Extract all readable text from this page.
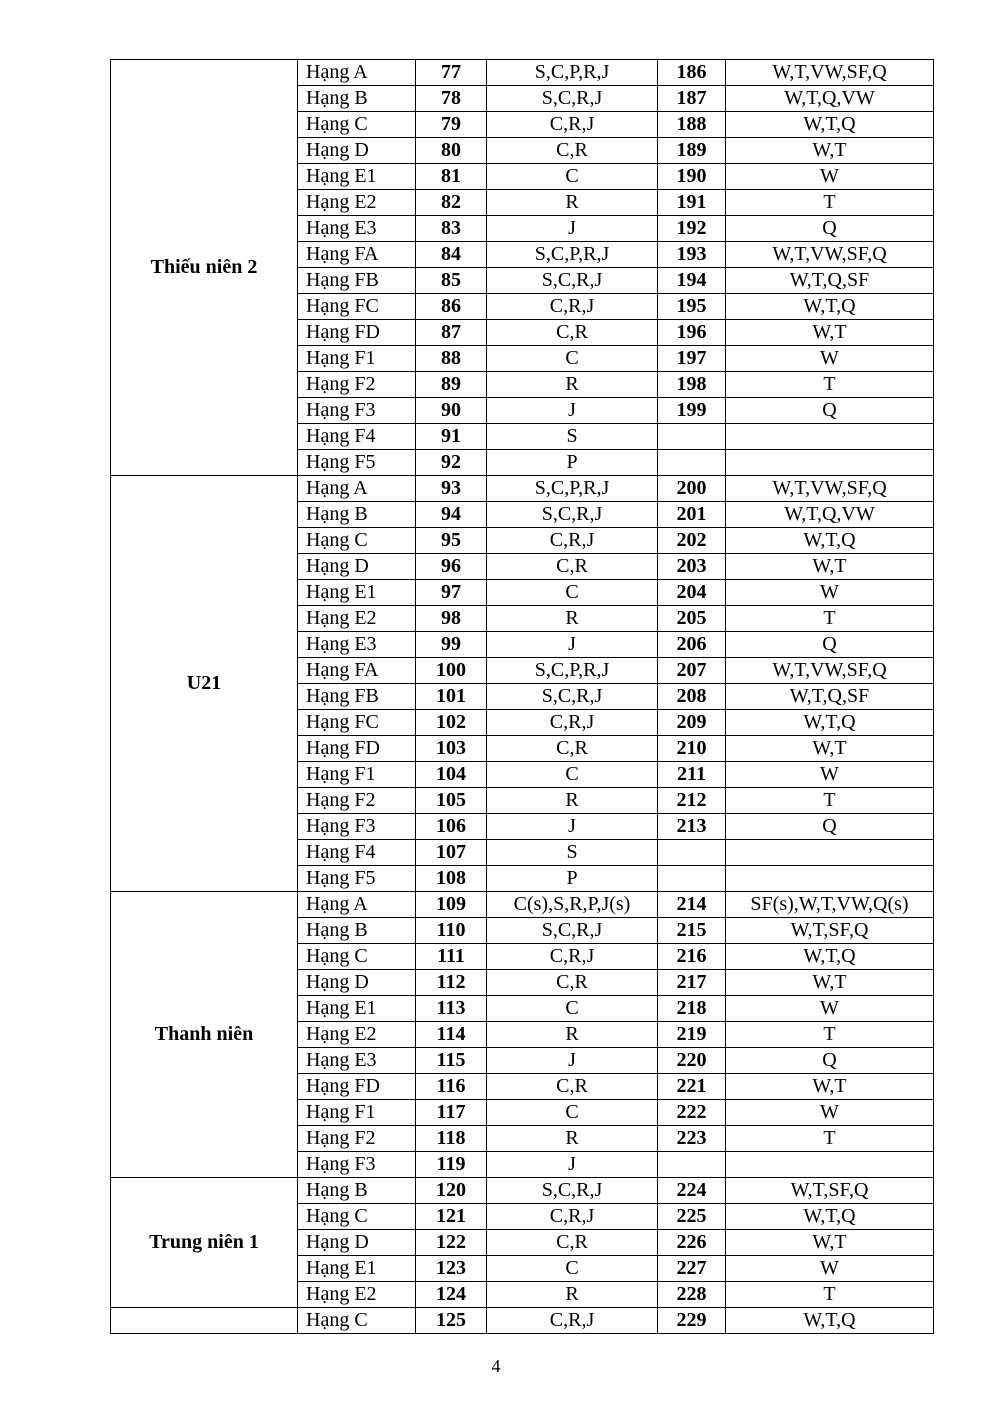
Thiếu niên 2	Hạng A	77	S,C,P,R,J	186	W,T,VW,SF,Q
	Hạng B	78	S,C,R,J	187	W,T,Q,VW
	Hạng C	79	C,R,J	188	W,T,Q
	Hạng D	80	C,R	189	W,T
	Hạng E1	81	C	190	W
	Hạng E2	82	R	191	T
	Hạng E3	83	J	192	Q
	Hạng FA	84	S,C,P,R,J	193	W,T,VW,SF,Q
	Hạng FB	85	S,C,R,J	194	W,T,Q,SF
	Hạng FC	86	C,R,J	195	W,T,Q
	Hạng FD	87	C,R	196	W,T
	Hạng F1	88	C	197	W
	Hạng F2	89	R	198	T
	Hạng F3	90	J	199	Q
	Hạng F4	91	S		
	Hạng F5	92	P		
U21	Hạng A	93	S,C,P,R,J	200	W,T,VW,SF,Q
	Hạng B	94	S,C,R,J	201	W,T,Q,VW
	Hạng C	95	C,R,J	202	W,T,Q
	Hạng D	96	C,R	203	W,T
	Hạng E1	97	C	204	W
	Hạng E2	98	R	205	T
	Hạng E3	99	J	206	Q
	Hạng FA	100	S,C,P,R,J	207	W,T,VW,SF,Q
	Hạng FB	101	S,C,R,J	208	W,T,Q,SF
	Hạng FC	102	C,R,J	209	W,T,Q
	Hạng FD	103	C,R	210	W,T
	Hạng F1	104	C	211	W
	Hạng F2	105	R	212	T
	Hạng F3	106	J	213	Q
	Hạng F4	107	S		
	Hạng F5	108	P		
Thanh niên	Hạng A	109	C(s),S,R,P,J(s)	214	SF(s),W,T,VW,Q(s)
	Hạng B	110	S,C,R,J	215	W,T,SF,Q
	Hạng C	111	C,R,J	216	W,T,Q
	Hạng D	112	C,R	217	W,T
	Hạng E1	113	C	218	W
	Hạng E2	114	R	219	T
	Hạng E3	115	J	220	Q
	Hạng FD	116	C,R	221	W,T
	Hạng F1	117	C	222	W
	Hạng F2	118	R	223	T
	Hạng F3	119	J		
Trung niên 1	Hạng B	120	S,C,R,J	224	W,T,SF,Q
	Hạng C	121	C,R,J	225	W,T,Q
	Hạng D	122	C,R	226	W,T
	Hạng E1	123	C	227	W
	Hạng E2	124	R	228	T
	Hạng C	125	C,R,J	229	W,T,Q
4
